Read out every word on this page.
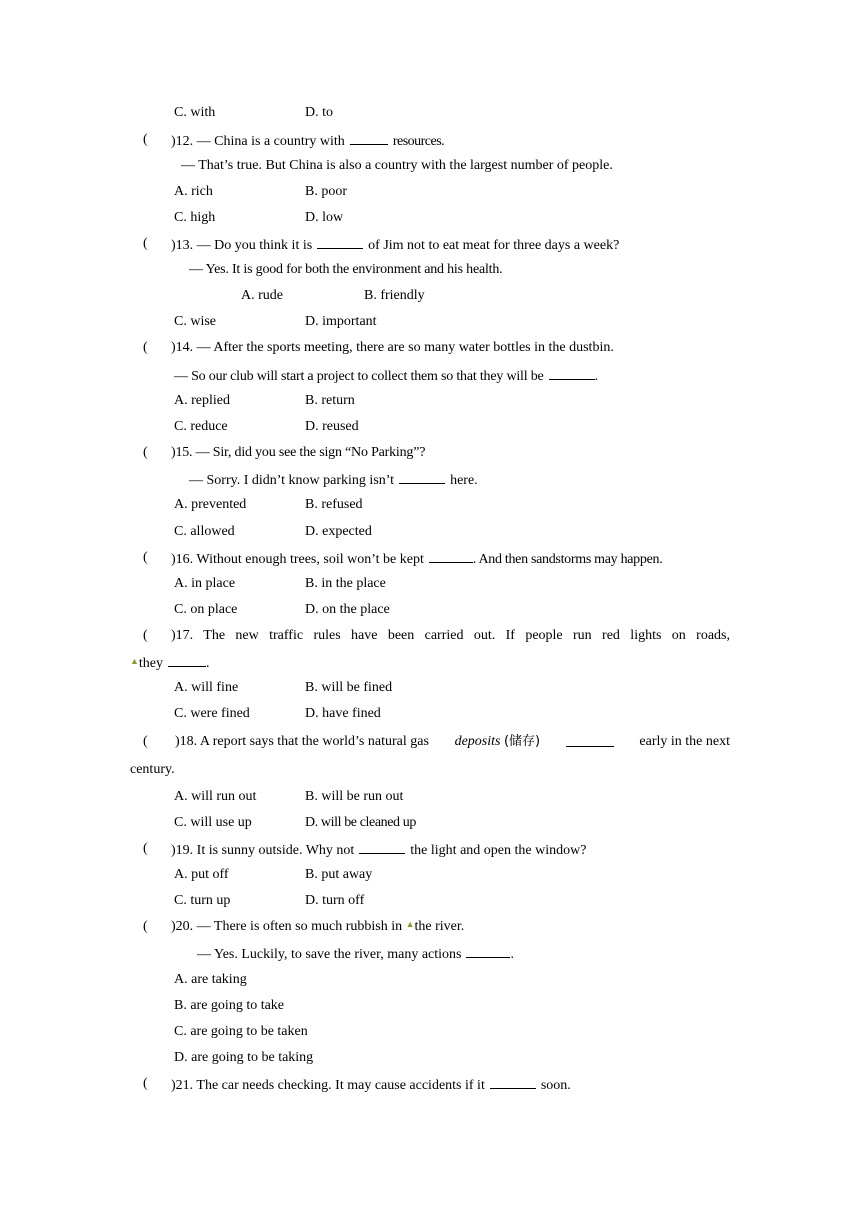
C. with	D. to
( )12. — China is a country with	resources.
— That’s true. But China is also a country with the largest number of people.
A. rich	B. poor
C. high	D. low
( )13. — Do you think it is	of Jim not to eat meat for three days a week?
— Yes. It is good for both the environment and his health.
A. rude	B. friendly
C. wise	D. important
( )14. — After the sports meeting, there are so many water bottles in the dustbin.
— So our club will start a project to collect them so that they will be	.
A. replied	B. return
C. reduce	D. reused
( )15. — Sir, did you see the sign “No Parking”?
— Sorry. I didn’t know parking isn’t	here.
A. prevented	B. refused
C. allowed	D. expected
( )16. Without enough trees, soil won’t be kept	. And then sandstorms may happen.
A. in place	B. in the place
C. on place	D. on the place
( )17. The new traffic rules have been carried out. If people run red lights on roads,
▲they	.
A. will fine	B. will be fined
C. were fined	D. have fined
( )18. A report says that the world’s natural gas deposits (储存)	early in the next
century.
A. will run out	B. will be run out
C. will use up	D. will be cleaned up
( )19. It is sunny outside. Why not	the light and open the window?
A. put off	B. put away
C. turn up	D. turn off
( )20. — There is often so much rubbish in ▲the river.
— Yes. Luckily, to save the river, many actions	.
A. are taking
B. are going to take
C. are going to be taken
D. are going to be taking
( )21. The car needs checking. It may cause accidents if it	soon.
